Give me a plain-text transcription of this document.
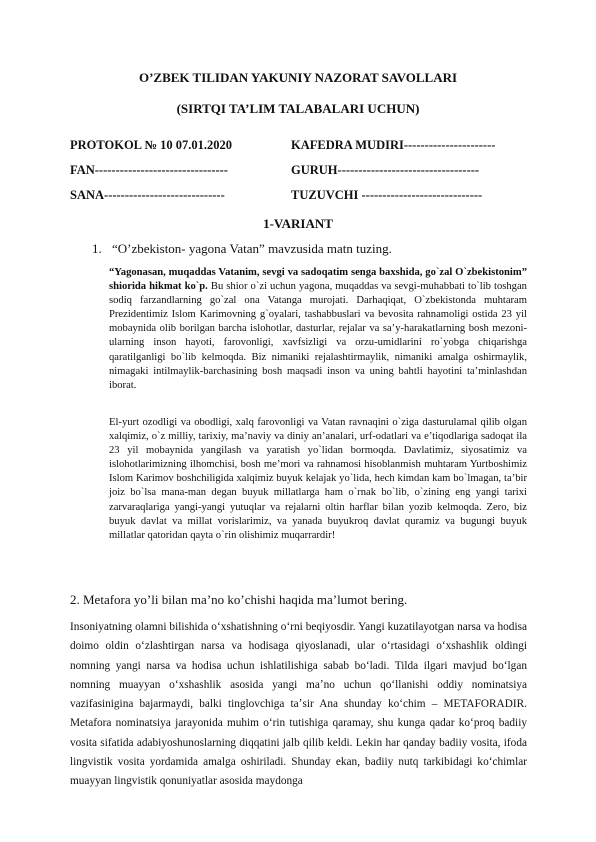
O’ZBEK TILIDAN YAKUNIY NAZORAT SAVOLLARI
(SIRTQI TA’LIM TALABALARI UCHUN)
PROTOKOL № 10 07.01.2020	KAFEDRA MUDIRI----------------------
FAN--------------------------------	GURUH----------------------------------
SANA-----------------------------	TUZUVCHI -----------------------------
1-VARIANT
1. “O’zbekiston- yagona Vatan” mavzusida matn tuzing.
“Yagonasan, muqaddas Vatanim, sevgi va sadoqatim senga baxshida, go`zal O`zbekistonim” shiorida hikmat ko`p. Bu shior o`zi uchun yagona, muqaddas va sevgi-muhabbati to`lib toshgan sodiq farzandlarning go`zal ona Vatanga murojati. Darhaqiqat, O`zbekistonda muhtaram Prezidentimiz Islom Karimovning g`oyalari, tashabbuslari va bevosita rahnamoligi ostida 23 yil mobaynida olib borilgan barcha islohotlar, dasturlar, rejalar va sa’y-harakatlarning bosh mezoni-ularning inson hayoti, farovonligi, xavfsizligi va orzu-umidlarini ro`yobga chiqarishga qaratilganligi bo`lib kelmoqda. Biz nimaniki rejalashtirmaylik, nimaniki amalga oshirmaylik, nimagaki intilmaylik-barchasining bosh maqsadi inson va uning bahtli hayotini ta’minlashdan iborat.
El-yurt ozodligi va obodligi, xalq farovonligi va Vatan ravnaqini o`ziga dasturulamal qilib olgan xalqimiz, o`z milliy, tarixiy, ma’naviy va diniy an’analari, urf-odatlari va e’tiqodlariga sadoqat ila 23 yil mobaynida yangilash va yaratish yo`lidan bormoqda. Davlatimiz, siyosatimiz va islohotlarimizning ilhomchisi, bosh me’mori va rahnamosi hisoblanmish muhtaram Yurtboshimiz Islom Karimov boshchiligida xalqimiz buyuk kelajak yo`lida, hech kimdan kam bo`lmagan, ta’bir joiz bo`lsa mana-man degan buyuk millatlarga ham o`rnak bo`lib, o`zining eng yangi tarixi zarvaraqlariga yangi-yangi yutuqlar va rejalarni oltin harflar bilan yozib kelmoqda. Zero, biz buyuk davlat va millat vorislarimiz, va yanada buyukroq davlat quramiz va bugungi buyuk millatlar qatoridan qayta o`rin olishimiz muqarrardir!
2. Metafora yo’li bilan ma’no ko’chishi haqida ma’lumot bering.
Insoniyatning olamni bilishida oʻxshatishning oʻrni beqiyosdir. Yangi kuzatilayotgan narsa va hodisa doimo oldin oʻzlashtirgan narsa va hodisaga qiyoslanadi, ular oʻrtasidagi oʻxshashlik oldingi nomning yangi narsa va hodisa uchun ishlatilishiga sabab boʻladi. Tilda ilgari mavjud boʻlgan nomning muayyan oʻxshashlik asosida yangi maʼno uchun qoʻllanishi oddiy nominatsiya vazifasinigina bajarmaydi, balki tinglovchiga taʼsir Ana shunday koʻchim – METAFORADIR. Metafora nominatsiya jarayonida muhim oʻrin tutishiga qaramay, shu kunga qadar koʻproq badiiy vosita sifatida adabiyoshunoslarning diqqatini jalb qilib keldi. Lekin har qanday badiiy vosita, ifoda lingvistik vosita yordamida amalga oshiriladi. Shunday ekan, badiiy nutq tarkibidagi koʻchimlar muayyan lingvistik qonuniyatlar asosida maydonga
